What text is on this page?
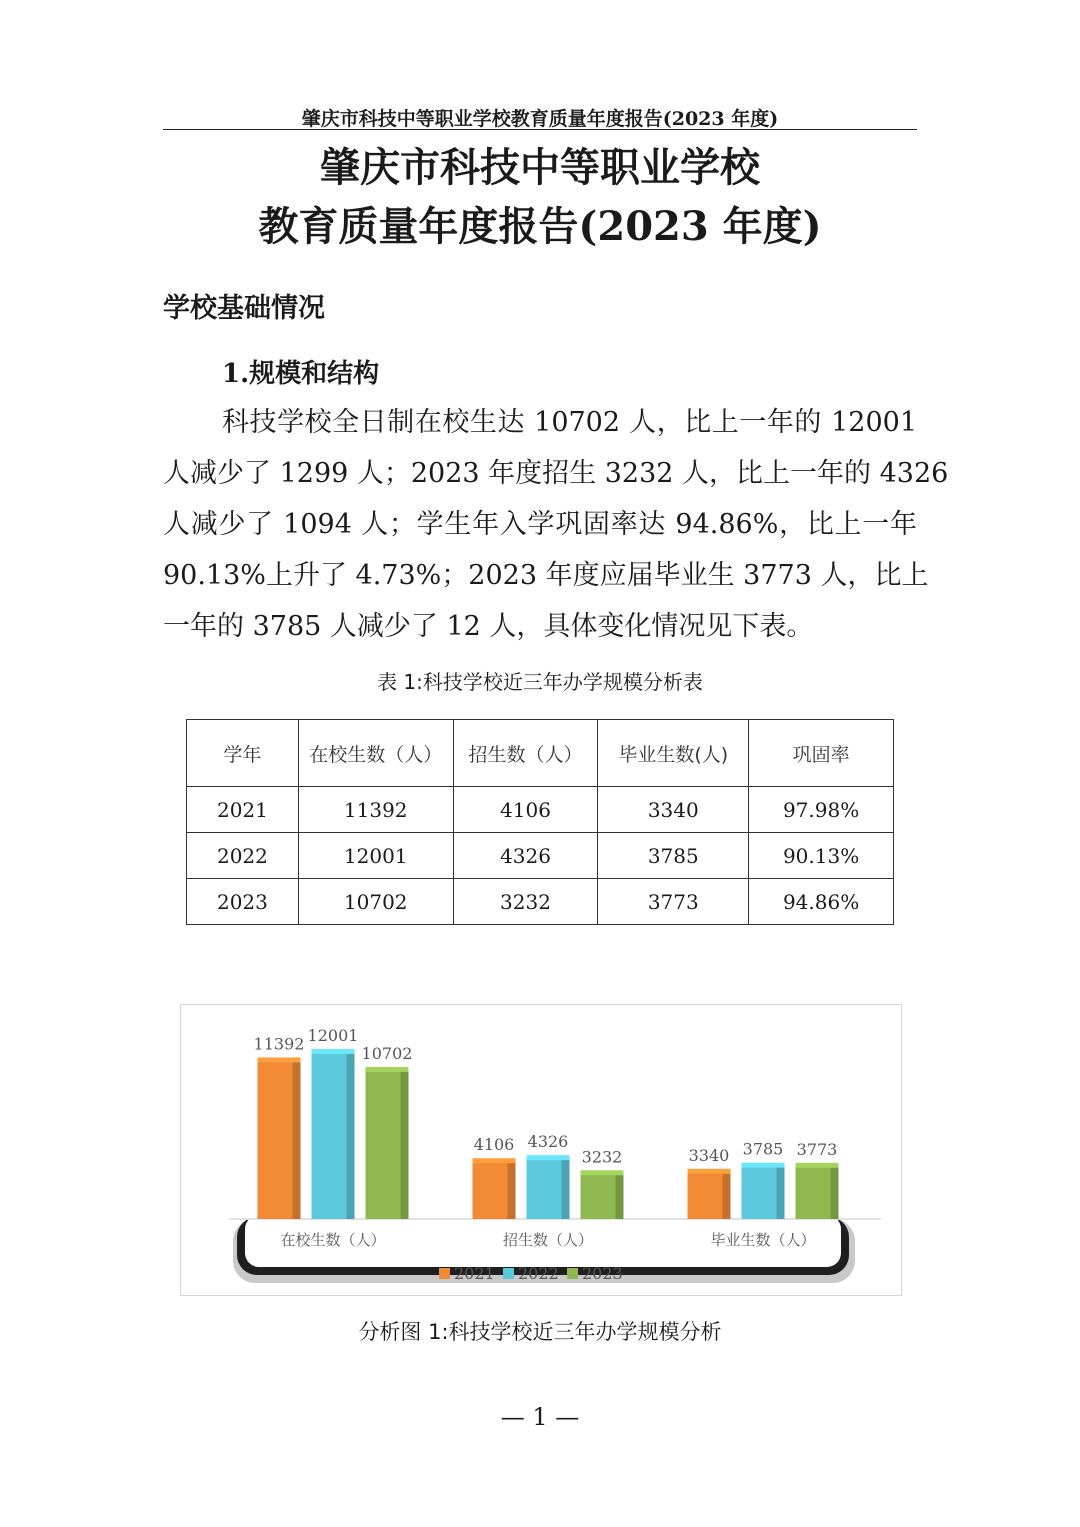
肇庆市科技中等职业学校教育质量年度报告(2023 年度)
肇庆市科技中等职业学校
教育质量年度报告(2023 年度)
学校基础情况
1.规模和结构
科技学校全日制在校生达 10702 人，比上一年的 12001
人减少了 1299 人；2023 年度招生 3232 人，比上一年的 4326
人减少了 1094 人；学生年入学巩固率达 94.86%，比上一年
90.13%上升了 4.73%；2023 年度应届毕业生 3773 人，比上
一年的 3785 人减少了 12 人，具体变化情况见下表。
表 1:科技学校近三年办学规模分析表
学年	在校生数（人）	招生数（人）	毕业生数(人)	巩固率
2021	11392	4106	3340	97.98%
2022	12001	4326	3785	90.13%
2023	10702	3232	3773	94.86%
11392 12001
10702
在校生数（人）
4106 4326
3232
招生数（人）
3340 3785 3773
毕业生数（人）
2021 2022 2023
分析图 1:科技学校近三年办学规模分析
— 1 —
